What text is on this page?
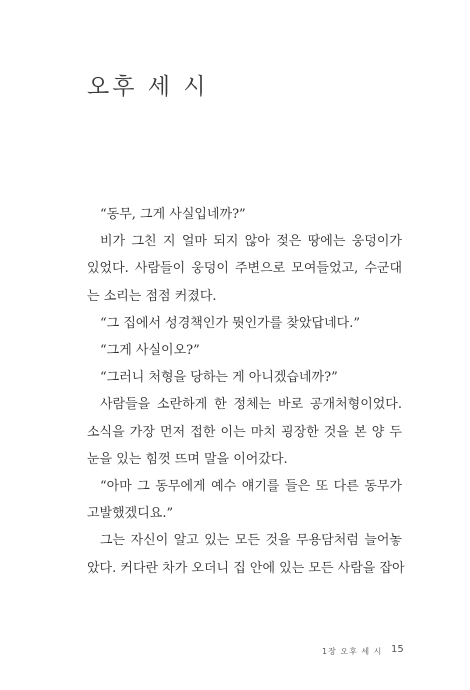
오후 세 시

“동무, 그게 사실입네까?”

비가 그친 지 얼마 되지 않아 젖은 땅에는 웅덩이가
있었다. 사람들이 웅덩이 주변으로 모여들었고, 수군대
는 소리는 점점 커졌다.

“그 집에서 성경책인가 뭣인가를 찾았답네다.”

“그게 사실이오?”

“그러니 처형을 당하는 게 아니겠습네까?”

사람들을 소란하게 한 정체는 바로 공개처형이었다.
소식을 가장 먼저 접한 이는 마치 굉장한 것을 본 양 두
눈을 있는 힘껏 뜨며 말을 이어갔다.

“아마 그 동무에게 예수 얘기를 들은 또 다른 동무가
고발했겠디요.”

그는 자신이 알고 있는 모든 것을 무용담처럼 늘어놓
았다. 커다란 차가 오더니 집 안에 있는 모든 사람을 잡아

1장 오후 세 시 15
